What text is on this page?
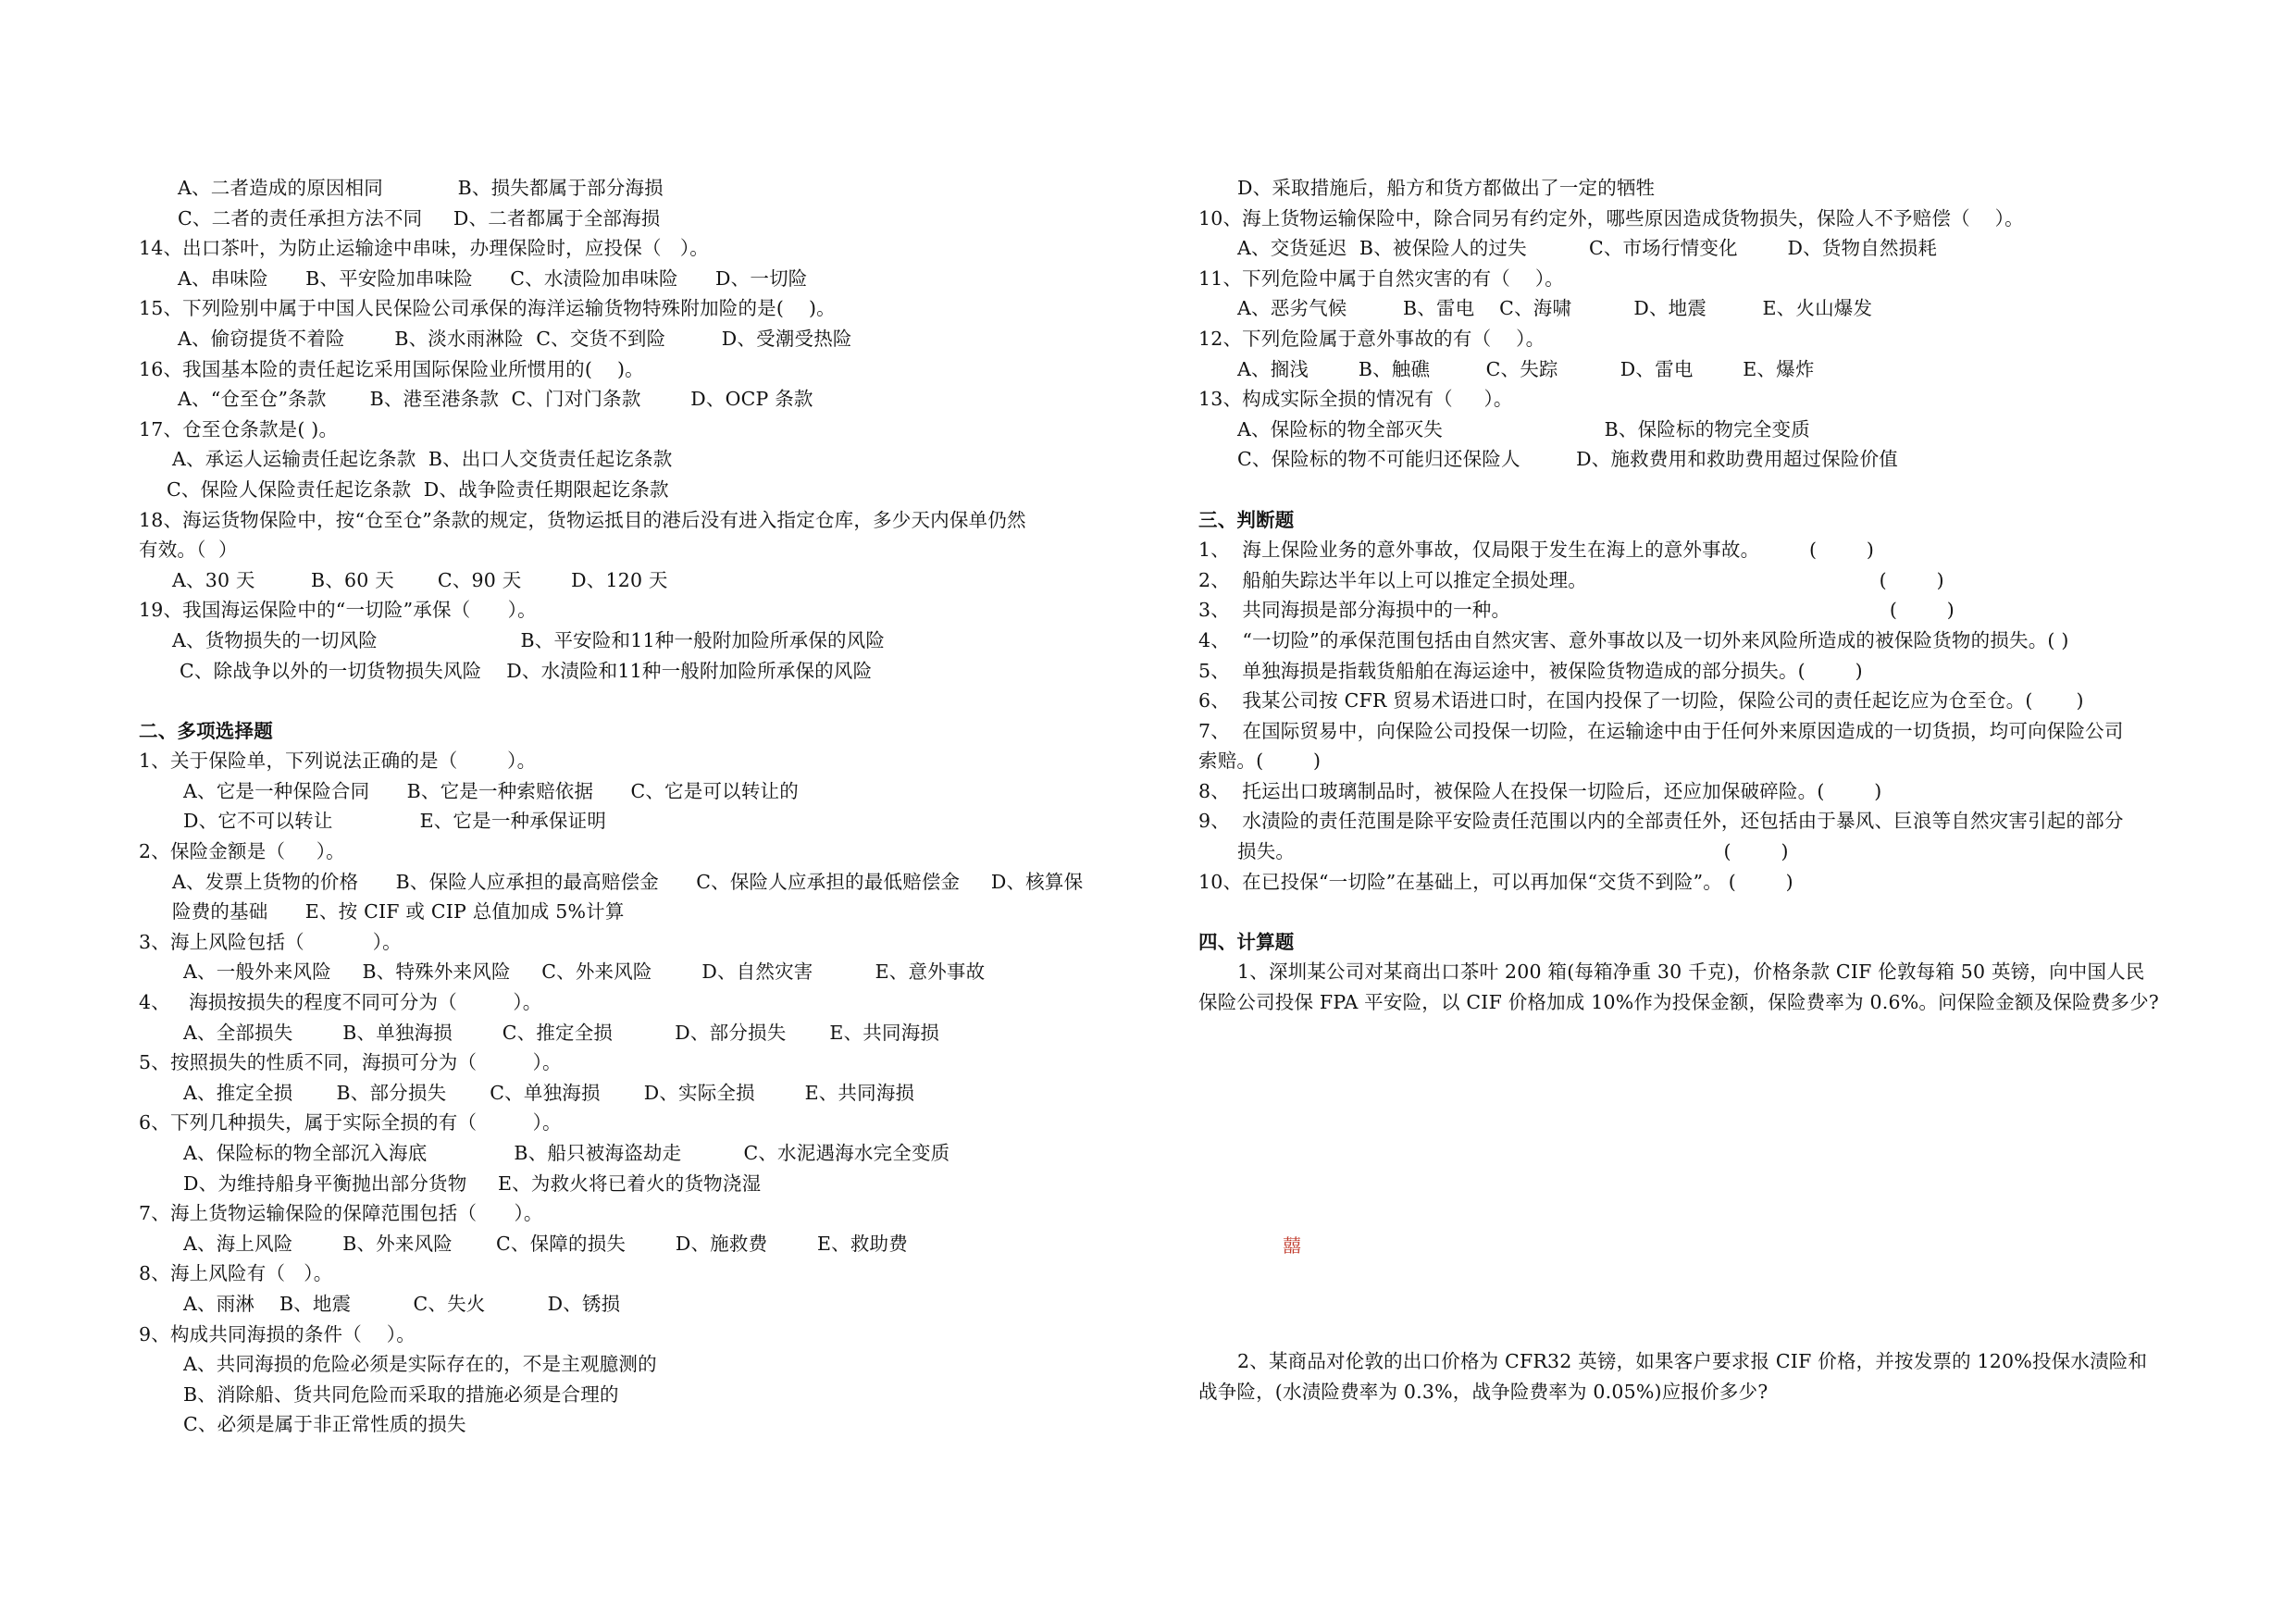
A、二者造成的原因相同            B、损失都属于部分海损
C、二者的责任承担方法不同     D、二者都属于全部海损
14、出口茶叶，为防止运输途中串味，办理保险时，应投保（   ）。
A、串味险      B、平安险加串味险      C、水渍险加串味险      D、一切险
15、下列险别中属于中国人民保险公司承保的海洋运输货物特殊附加险的是(    )。
A、偷窃提货不着险        B、淡水雨淋险  C、交货不到险         D、受潮受热险
16、我国基本险的责任起讫采用国际保险业所惯用的(    )。
A、“仓至仓”条款       B、港至港条款  C、门对门条款        D、OCP 条款
17、仓至仓条款是( )。
A、承运人运输责任起讫条款  B、出口人交货责任起讫条款
C、保险人保险责任起讫条款  D、战争险责任期限起讫条款
18、海运货物保险中，按“仓至仓”条款的规定，货物运抵目的港后没有进入指定仓库，多少天内保单仍然
有效。（  ）
A、30 天         B、60 天       C、90 天        D、120 天
19、我国海运保险中的“一切险”承保（      ）。
A、货物损失的一切风险                       B、平安险和11种一般附加险所承保的风险
C、除战争以外的一切货物损失风险    D、水渍险和11种一般附加险所承保的风险
二、多项选择题
1、关于保险单，下列说法正确的是（        ）。
A、它是一种保险合同      B、它是一种索赔依据      C、它是可以转让的
D、它不可以转让              E、它是一种承保证明
2、保险金额是（     ）。
A、发票上货物的价格      B、保险人应承担的最高赔偿金      C、保险人应承担的最低赔偿金     D、核算保
险费的基础      E、按 CIF 或 CIP 总值加成 5%计算
3、海上风险包括（           ）。
A、一般外来风险     B、特殊外来风险     C、外来风险        D、自然灾害          E、意外事故
4、   海损按损失的程度不同可分为（         ）。
A、全部损失        B、单独海损        C、推定全损          D、部分损失       E、共同海损
5、按照损失的性质不同，海损可分为（         ）。
A、推定全损       B、部分损失       C、单独海损       D、实际全损        E、共同海损
6、下列几种损失，属于实际全损的有（         ）。
A、保险标的物全部沉入海底              B、船只被海盗劫走          C、水泥遇海水完全变质
D、为维持船身平衡抛出部分货物     E、为救火将已着火的货物浇湿
7、海上货物运输保险的保障范围包括（      ）。
A、海上风险        B、外来风险       C、保障的损失        D、施救费        E、救助费
8、海上风险有（   ）。
A、雨淋    B、地震          C、失火          D、锈损
9、构成共同海损的条件（    ）。
A、共同海损的危险必须是实际存在的，不是主观臆测的
B、消除船、货共同危险而采取的措施必须是合理的
C、必须是属于非正常性质的损失
D、采取措施后，船方和货方都做出了一定的牺牲
10、海上货物运输保险中，除合同另有约定外，哪些原因造成货物损失，保险人不予赔偿（    ）。
A、交货延迟  B、被保险人的过失          C、市场行情变化        D、货物自然损耗
11、下列危险中属于自然灾害的有（    ）。
A、恶劣气候         B、雷电    C、海啸          D、地震         E、火山爆发
12、下列危险属于意外事故的有（    ）。
A、搁浅        B、触礁         C、失踪          D、雷电        E、爆炸
13、构成实际全损的情况有（     ）。
A、保险标的物全部灭失                          B、保险标的物完全变质
C、保险标的物不可能归还保险人         D、施救费用和救助费用超过保险价值
三、判断题
1、  海上保险业务的意外事故，仅局限于发生在海上的意外事故。        (        )
2、  船舶失踪达半年以上可以推定全损处理。                                               (        )
3、  共同海损是部分海损中的一种。                                                             (        )
4、  “一切险”的承保范围包括由自然灾害、意外事故以及一切外来风险所造成的被保险货物的损失。( )
5、  单独海损是指载货船舶在海运途中，被保险货物造成的部分损失。(        )
6、  我某公司按 CFR 贸易术语进口时，在国内投保了一切险，保险公司的责任起讫应为仓至仓。(       )
7、  在国际贸易中，向保险公司投保一切险，在运输途中由于任何外来原因造成的一切货损，均可向保险公司
索赔。(        )
8、  托运出口玻璃制品时，被保险人在投保一切险后，还应加保破碎险。(        )
9、  水渍险的责任范围是除平安险责任范围以内的全部责任外，还包括由于暴风、巨浪等自然灾害引起的部分
损失。                                                                     (        )
10、在已投保“一切险”在基础上，可以再加保“交货不到险”。 (        )
四、计算题
1、深圳某公司对某商出口茶叶 200 箱(每箱净重 30 千克)，价格条款 CIF 伦敦每箱 50 英镑，向中国人民
保险公司投保 FPA 平安险，以 CIF 价格加成 10%作为投保金额，保险费率为 0.6%。问保险金额及保险费多少?
2、某商品对伦敦的出口价格为 CFR32 英镑，如果客户要求报 CIF 价格，并按发票的 120%投保水渍险和
战争险，(水渍险费率为 0.3%，战争险费率为 0.05%)应报价多少?
囍
